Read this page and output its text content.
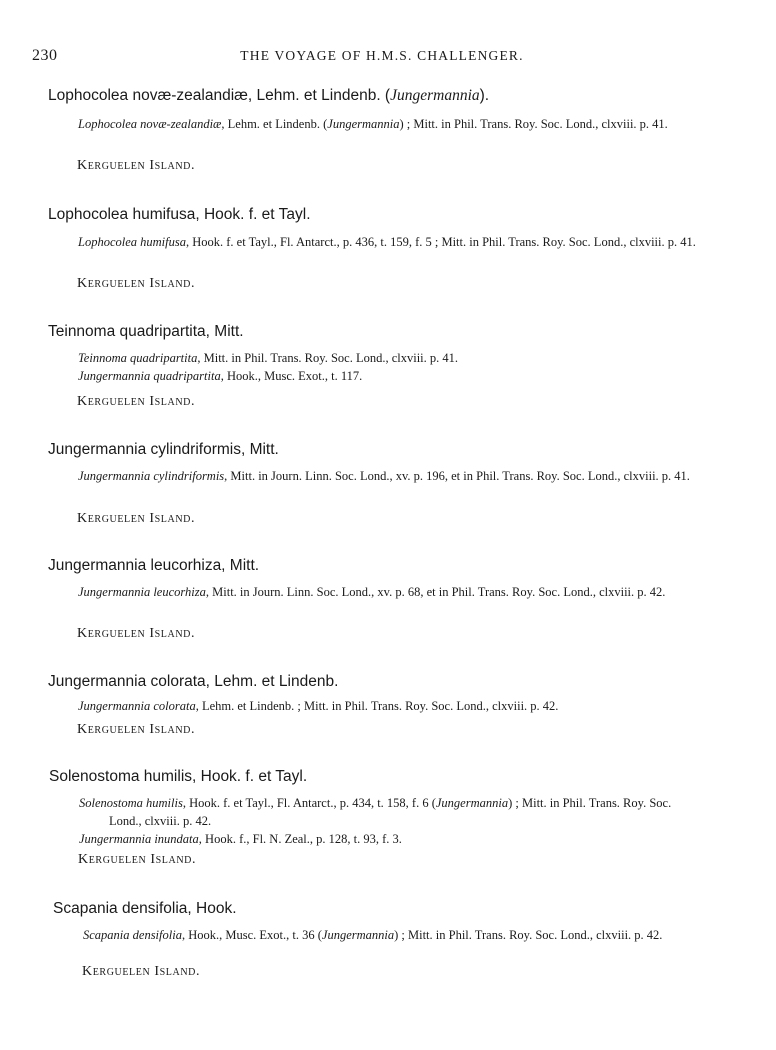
230	THE VOYAGE OF H.M.S. CHALLENGER.
Lophocolea novæ-zealandiæ, Lehm. et Lindenb. (Jungermannia).
Lophocolea novæ-zealandiæ, Lehm. et Lindenb. (Jungermannia) ; Mitt. in Phil. Trans. Roy. Soc. Lond., clxviii. p. 41.
Kerguelen Island.
Lophocolea humifusa, Hook. f. et Tayl.
Lophocolea humifusa, Hook. f. et Tayl., Fl. Antarct., p. 436, t. 159, f. 5 ; Mitt. in Phil. Trans. Roy. Soc. Lond., clxviii. p. 41.
Kerguelen Island.
Teinnoma quadripartita, Mitt.
Teinnoma quadripartita, Mitt. in Phil. Trans. Roy. Soc. Lond., clxviii. p. 41.
Jungermannia quadripartita, Hook., Musc. Exot., t. 117.
Kerguelen Island.
Jungermannia cylindriformis, Mitt.
Jungermannia cylindriformis, Mitt. in Journ. Linn. Soc. Lond., xv. p. 196, et in Phil. Trans. Roy. Soc. Lond., clxviii. p. 41.
Kerguelen Island.
Jungermannia leucorhiza, Mitt.
Jungermannia leucorhiza, Mitt. in Journ. Linn. Soc. Lond., xv. p. 68, et in Phil. Trans. Roy. Soc. Lond., clxviii. p. 42.
Kerguelen Island.
Jungermannia colorata, Lehm. et Lindenb.
Jungermannia colorata, Lehm. et Lindenb. ; Mitt. in Phil. Trans. Roy. Soc. Lond., clxviii. p. 42.
Kerguelen Island.
Solenostoma humilis, Hook. f. et Tayl.
Solenostoma humilis, Hook. f. et Tayl., Fl. Antarct., p. 434, t. 158, f. 6 (Jungermannia) ; Mitt. in Phil. Trans. Roy. Soc. Lond., clxviii. p. 42.
Jungermannia inundata, Hook. f., Fl. N. Zeal., p. 128, t. 93, f. 3.
Kerguelen Island.
Scapania densifolia, Hook.
Scapania densifolia, Hook., Musc. Exot., t. 36 (Jungermannia) ; Mitt. in Phil. Trans. Roy. Soc. Lond., clxviii. p. 42.
Kerguelen Island.
